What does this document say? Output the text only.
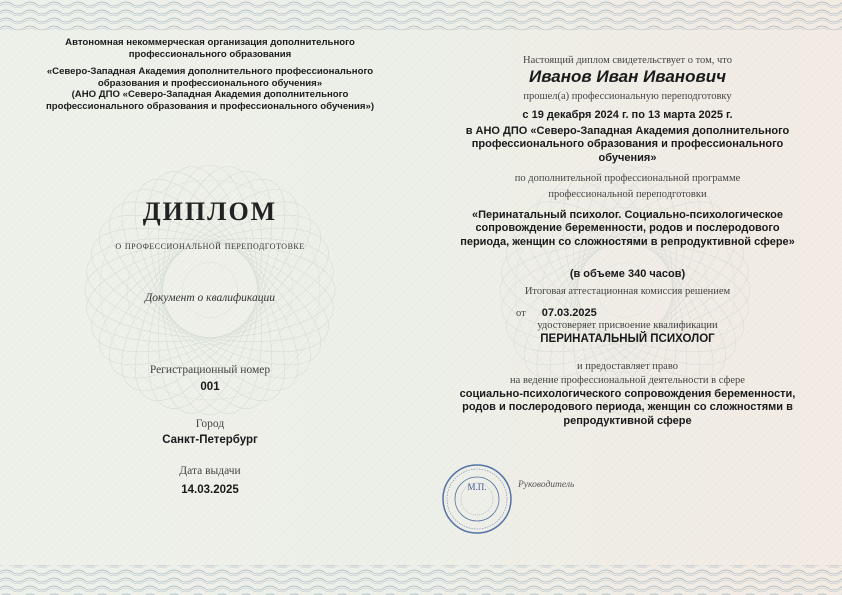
Автономная некоммерческая организация дополнительного
профессионального образования
«Северо-Западная Академия дополнительного профессионального
образования и профессионального обучения»
(АНО ДПО «Северо-Западная Академия дополнительного
профессионального образования и профессионального обучения»)
ДИПЛОМ
о профессиональной переподготовке
Документ о квалификации
Регистрационный номер
001
Город
Санкт-Петербург
Дата выдачи
14.03.2025
Настоящий диплом свидетельствует о том, что
Иванов Иван Иванович
прошел(а) профессиональную переподготовку
с 19 декабря 2024 г. по 13 марта 2025 г.
в АНО ДПО «Северо-Западная Академия дополнительного
профессионального образования и профессионального
обучения»
по дополнительной профессиональной программе
профессиональной переподготовки
«Перинатальный психолог. Социально-психологическое
сопровождение беременности, родов и послеродового
периода, женщин со сложностями в репродуктивной сфере»
(в объеме 340 часов)
Итоговая аттестационная комиссия решением
от 07.03.2025
удостоверяет присвоение квалификации
ПЕРИНАТАЛЬНЫЙ ПСИХОЛОГ
и предоставляет право
на ведение профессиональной деятельности в сфере
социально-психологического сопровождения беременности,
родов и послеродового периода, женщин со сложностями в
репродуктивной сфере
М.П.	Руководитель
